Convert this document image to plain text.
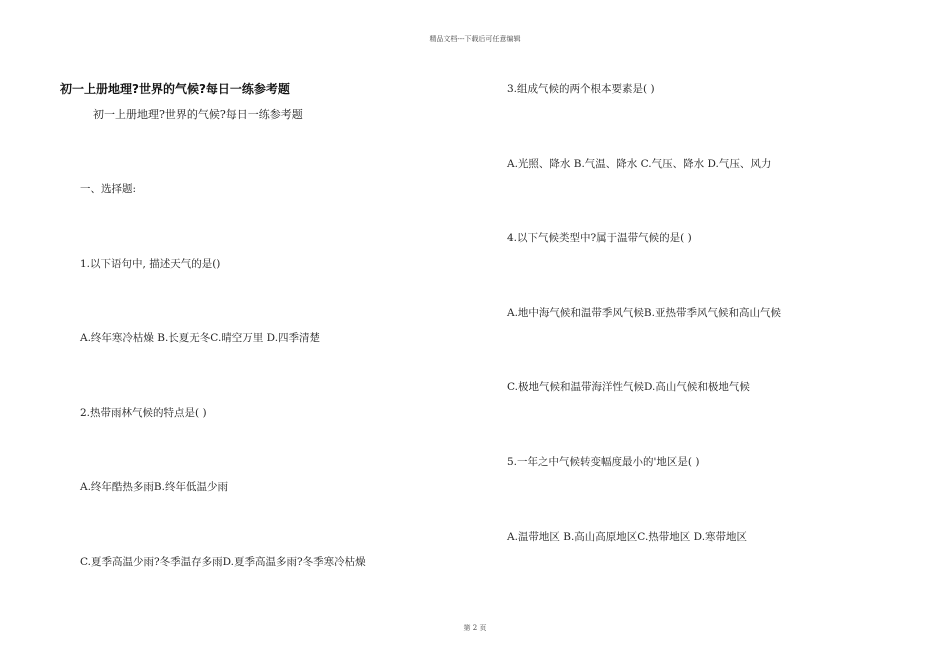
精品文档---下载后可任意编辑
初一上册地理?世界的气候?每日一练参考题
初一上册地理?世界的气候?每日一练参考题
一、选择题:
1.以下语句中, 描述天气的是()
A.终年寒冷枯燥 B.长夏无冬C.晴空万里 D.四季清楚
2.热带雨林气候的特点是( )
A.终年酷热多雨B.终年低温少雨
C.夏季高温少雨?冬季温存多雨D.夏季高温多雨?冬季寒冷枯燥
3.组成气候的两个根本要素是( )
A.光照、降水 B.气温、降水 C.气压、降水 D.气压、风力
4.以下气候类型中?属于温带气候的是( )
A.地中海气候和温带季风气候B.亚热带季风气候和高山气候
C.极地气候和温带海洋性气候D.高山气候和极地气候
5.一年之中气候转变幅度最小的'地区是( )
A.温带地区 B.高山高原地区C.热带地区 D.寒带地区
第 2 页
